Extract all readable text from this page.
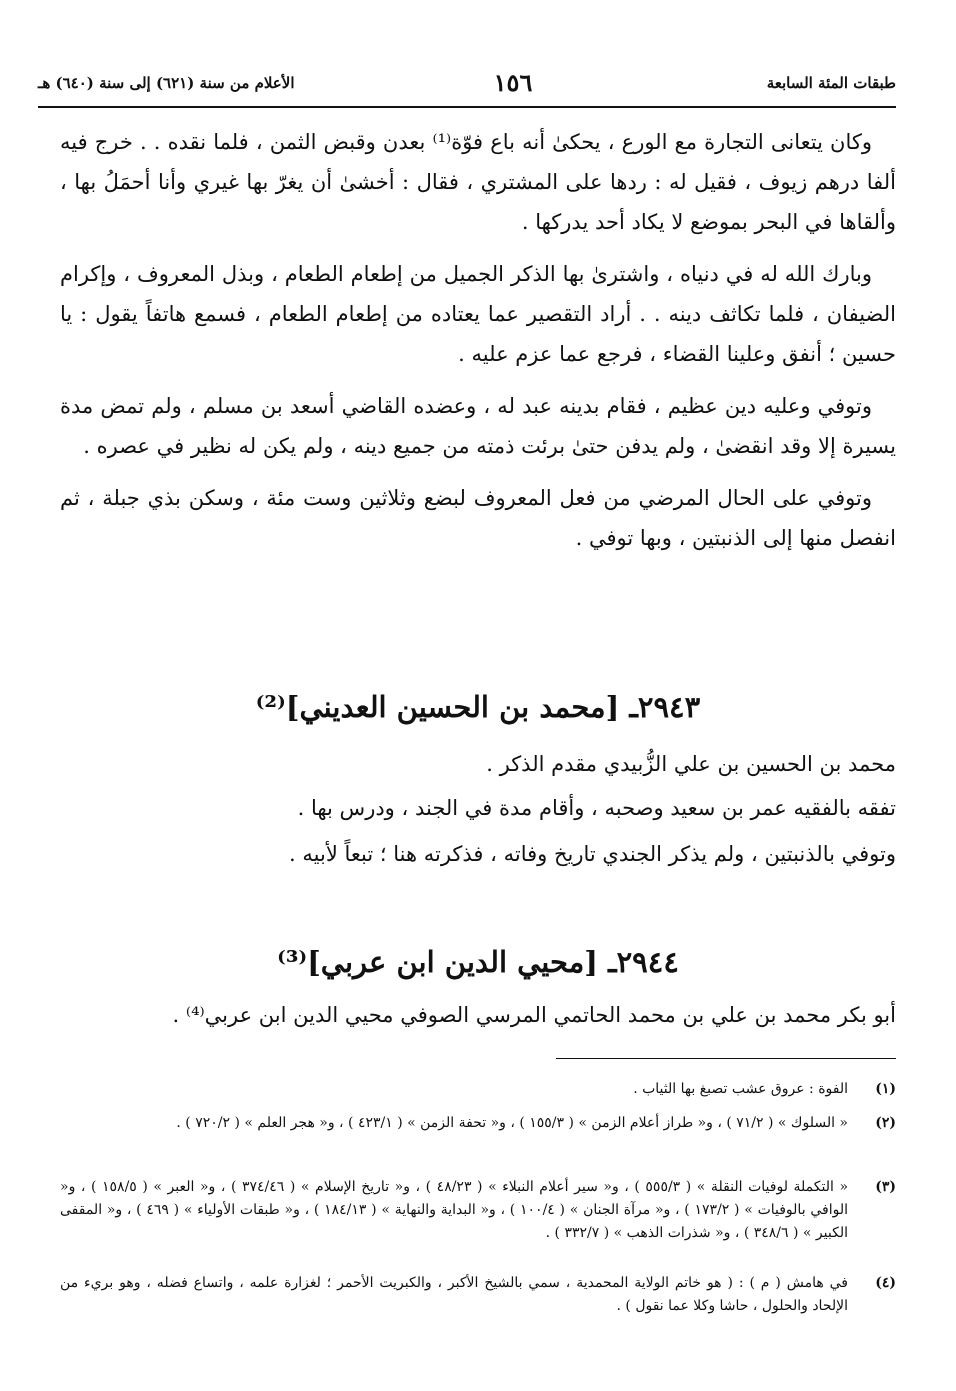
طبقات المئة السابعة
١٥٦
الأعلام من سنة (٦٢١) إلى سنة (٦٤٠) هـ

وكان يتعانى التجارة مع الورع ، يحكىٰ أنه باع فوّة⁽¹⁾ بعدن وقبض الثمن ، فلما نقده . . خرج فيه ألفا درهم زيوف ، فقيل له : ردها على المشتري ، فقال : أخشىٰ أن يغرّ بها غيري وأنا أحمَلُ بها ، وألقاها في البحر بموضع لا يكاد أحد يدركها .

وبارك الله له في دنياه ، واشترىٰ بها الذكر الجميل من إطعام الطعام ، وبذل المعروف ، وإكرام الضيفان ، فلما تكاثف دينه . . أراد التقصير عما يعتاده من إطعام الطعام ، فسمع هاتفاً يقول : يا حسين ؛ أنفق وعلينا القضاء ، فرجع عما عزم عليه .

وتوفي وعليه دين عظيم ، فقام بدينه عبد له ، وعضده القاضي أسعد بن مسلم ، ولم تمض مدة يسيرة إلا وقد انقضىٰ ، ولم يدفن حتىٰ برئت ذمته من جميع دينه ، ولم يكن له نظير في عصره .

وتوفي على الحال المرضي من فعل المعروف لبضع وثلاثين وست مئة ، وسكن بذي جبلة ، ثم انفصل منها إلى الذنبتين ، وبها توفي .

٢٩٤٣ـ [محمد بن الحسين العديني]⁽²⁾
محمد بن الحسين بن علي الزُّبيدي مقدم الذكر .
تفقه بالفقيه عمر بن سعيد وصحبه ، وأقام مدة في الجند ، ودرس بها .
وتوفي بالذنبتين ، ولم يذكر الجندي تاريخ وفاته ، فذكرته هنا ؛ تبعاً لأبيه .
٢٩٤٤ـ [محيي الدين ابن عربي]⁽³⁾
أبو بكر محمد بن علي بن محمد الحاتمي المرسي الصوفي محيي الدين ابن عربي⁽⁴⁾ .
(١)
الفوة : عروق عشب تصبغ بها الثياب .
(٢)
« السلوك » ( ٧١/٢ ) ، و« طراز أعلام الزمن » ( ١٥٥/٣ ) ، و« تحفة الزمن » ( ٤٢٣/١ ) ، و« هجر العلم » ( ٧٢٠/٢ ) .
(٣)
« التكملة لوفيات النقلة » ( ٥٥٥/٣ ) ، و« سير أعلام النبلاء » ( ٤٨/٢٣ ) ، و« تاريخ الإسلام » ( ٣٧٤/٤٦ ) ، و« العبر » ( ١٥٨/٥ ) ، و« الوافي بالوفيات » ( ١٧٣/٢ ) ، و« مرآة الجنان » ( ١٠٠/٤ ) ، و« البداية والنهاية » ( ١٨٤/١٣ ) ، و« طبقات الأولياء » ( ٤٦٩ ) ، و« المقفى الكبير » ( ٣٤٨/٦ ) ، و« شذرات الذهب » ( ٣٣٢/٧ ) .
(٤)
في هامش ( م ) : ( هو خاتم الولاية المحمدية ، سمي بالشيخ الأكبر ، والكبريت الأحمر ؛ لغزارة علمه ، واتساع فضله ، وهو بريء من الإلحاد والحلول ، حاشا وكلا عما نقول ) .
